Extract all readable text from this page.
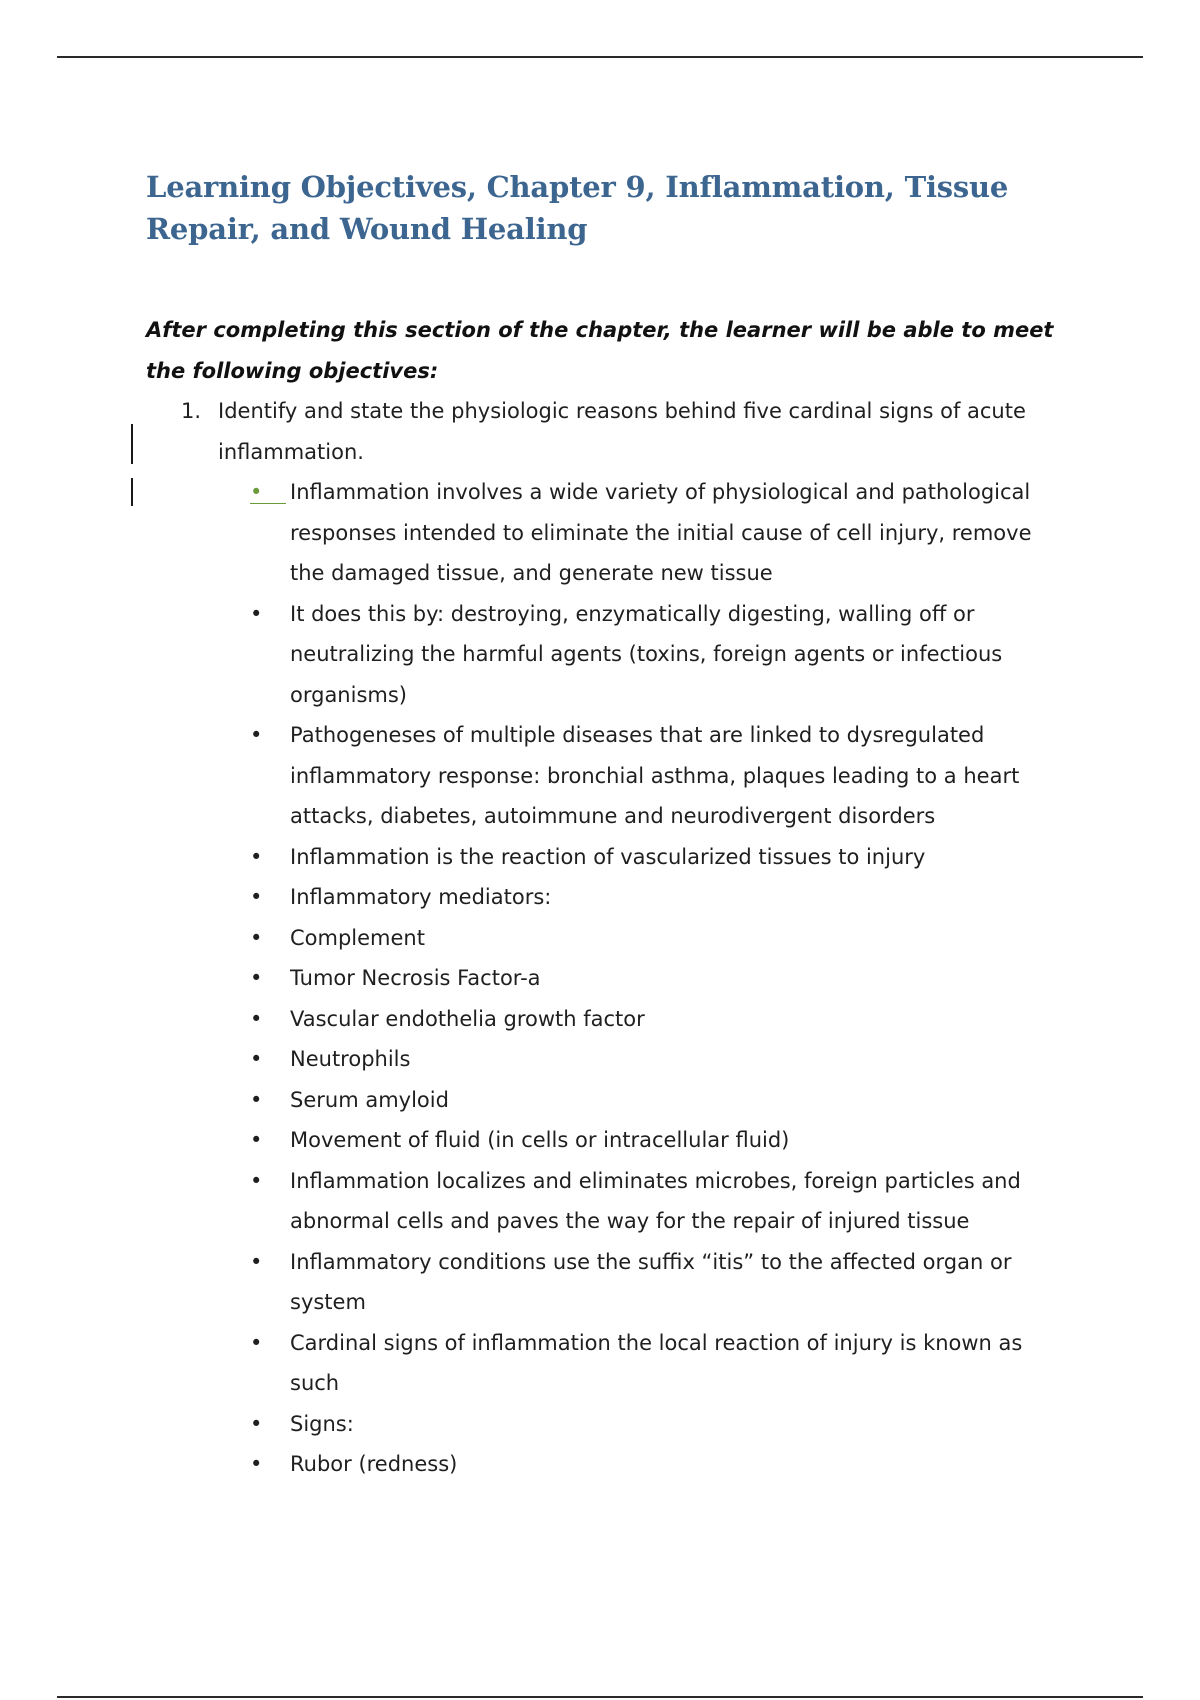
Learning Objectives, Chapter 9, Inflammation, Tissue Repair, and Wound Healing

After completing this section of the chapter, the learner will be able to meet the following objectives:

1. Identify and state the physiologic reasons behind five cardinal signs of acute inflammation.
• Inflammation involves a wide variety of physiological and pathological responses intended to eliminate the initial cause of cell injury, remove the damaged tissue, and generate new tissue
• It does this by: destroying, enzymatically digesting, walling off or neutralizing the harmful agents (toxins, foreign agents or infectious organisms)
• Pathogeneses of multiple diseases that are linked to dysregulated inflammatory response: bronchial asthma, plaques leading to a heart attacks, diabetes, autoimmune and neurodivergent disorders
• Inflammation is the reaction of vascularized tissues to injury
• Inflammatory mediators:
• Complement
• Tumor Necrosis Factor-a
• Vascular endothelia growth factor
• Neutrophils
• Serum amyloid
• Movement of fluid (in cells or intracellular fluid)
• Inflammation localizes and eliminates microbes, foreign particles and abnormal cells and paves the way for the repair of injured tissue
• Inflammatory conditions use the suffix “itis” to the affected organ or system
• Cardinal signs of inflammation the local reaction of injury is known as such
• Signs:
• Rubor (redness)
